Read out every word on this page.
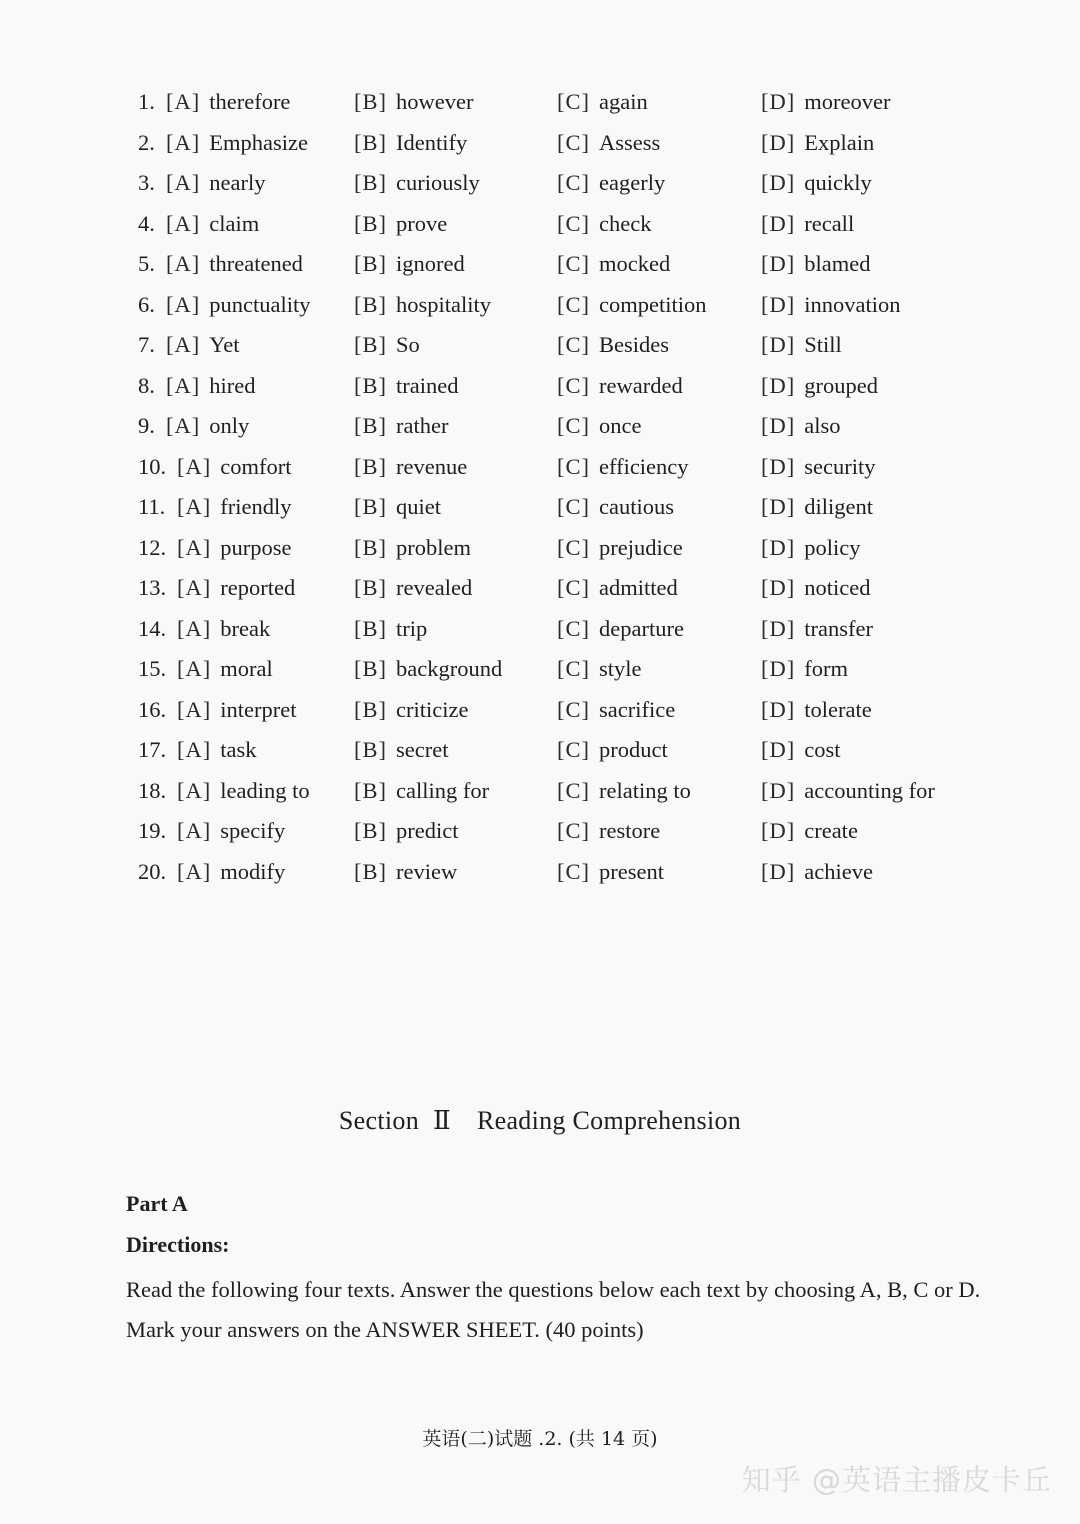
1. [A] therefore	[B] however	[C] again	[D] moreover
2. [A] Emphasize [B] Identify	[C] Assess	[D] Explain
3. [A] nearly	[B] curiously	[C] eagerly	[D] quickly
4. [A] claim	[B] prove	[C] check	[D] recall
5. [A] threatened [B] ignored	[C] mocked	[D] blamed
6. [A] punctuality [B] hospitality	[C] competition [D] innovation
7. [A] Yet	[B] So	[C] Besides	[D] Still
8. [A] hired	[B] trained	[C] rewarded	[D] grouped
9. [A] only	[B] rather	[C] once	[D] also
10. [A] comfort	[B] revenue	[C] efficiency	[D] security
11. [A] friendly	[B] quiet	[C] cautious	[D] diligent
12. [A] purpose	[B] problem	[C] prejudice	[D] policy
13. [A] reported	[B] revealed	[C] admitted	[D] noticed
14. [A] break	[B] trip	[C] departure	[D] transfer
15. [A] moral	[B] background [C] style	[D] form
16. [A] interpret	[B] criticize	[C] sacrifice	[D] tolerate
17. [A] task	[B] secret	[C] product	[D] cost
18. [A] leading to [B] calling for	[C] relating to	[D] accounting for
19. [A] specify	[B] predict	[C] restore	[D] create
20. [A] modify	[B] review	[C] present	[D] achieve
Section Ⅱ Reading Comprehension
Part A
Directions:
Read the following four texts. Answer the questions below each text by choosing A, B, C or D. Mark your answers on the ANSWER SHEET. (40 points)
英语(二)试题 .2. (共 14 页)
知乎 @英语主播皮卡丘
